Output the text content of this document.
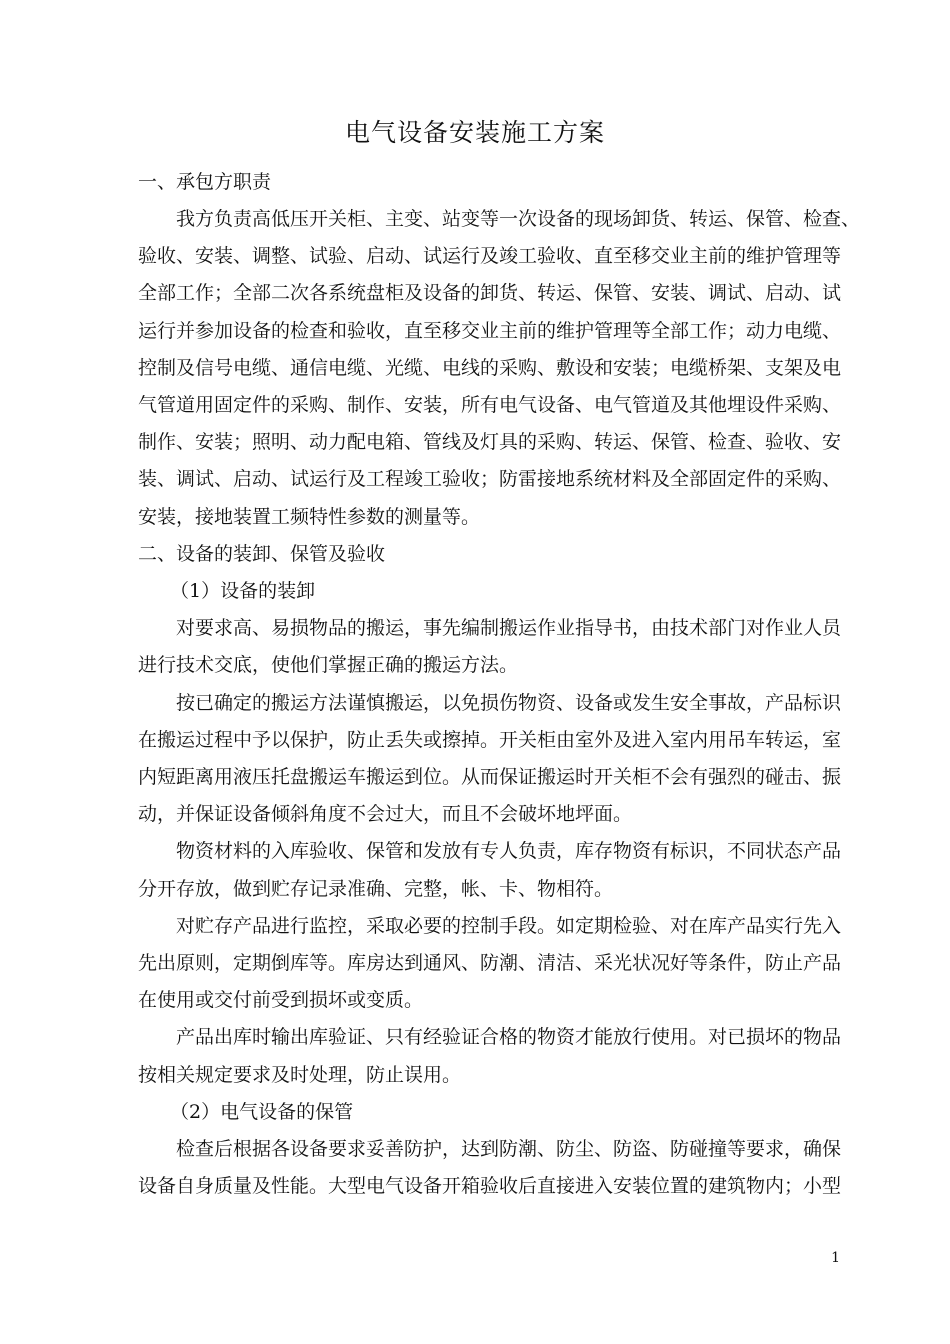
电气设备安装施工方案
一、承包方职责
我方负责高低压开关柜、主变、站变等一次设备的现场卸货、转运、保管、检查、
验收、安装、调整、试验、启动、试运行及竣工验收、直至移交业主前的维护管理等
全部工作；全部二次各系统盘柜及设备的卸货、转运、保管、安装、调试、启动、试
运行并参加设备的检查和验收，直至移交业主前的维护管理等全部工作；动力电缆、
控制及信号电缆、通信电缆、光缆、电线的采购、敷设和安装；电缆桥架、支架及电
气管道用固定件的采购、制作、安装，所有电气设备、电气管道及其他埋设件采购、
制作、安装；照明、动力配电箱、管线及灯具的采购、转运、保管、检查、验收、安
装、调试、启动、试运行及工程竣工验收；防雷接地系统材料及全部固定件的采购、
安装，接地装置工频特性参数的测量等。
二、设备的装卸、保管及验收
（1）设备的装卸
对要求高、易损物品的搬运，事先编制搬运作业指导书，由技术部门对作业人员
进行技术交底，使他们掌握正确的搬运方法。
按已确定的搬运方法谨慎搬运，以免损伤物资、设备或发生安全事故，产品标识
在搬运过程中予以保护，防止丢失或擦掉。开关柜由室外及进入室内用吊车转运，室
内短距离用液压托盘搬运车搬运到位。从而保证搬运时开关柜不会有强烈的碰击、振
动，并保证设备倾斜角度不会过大，而且不会破坏地坪面。
物资材料的入库验收、保管和发放有专人负责，库存物资有标识，不同状态产品
分开存放，做到贮存记录准确、完整，帐、卡、物相符。
对贮存产品进行监控，采取必要的控制手段。如定期检验、对在库产品实行先入
先出原则，定期倒库等。库房达到通风、防潮、清洁、采光状况好等条件，防止产品
在使用或交付前受到损坏或变质。
产品出库时输出库验证、只有经验证合格的物资才能放行使用。对已损坏的物品
按相关规定要求及时处理，防止误用。
（2）电气设备的保管
检查后根据各设备要求妥善防护，达到防潮、防尘、防盗、防碰撞等要求，确保
设备自身质量及性能。大型电气设备开箱验收后直接进入安装位置的建筑物内；小型
1
